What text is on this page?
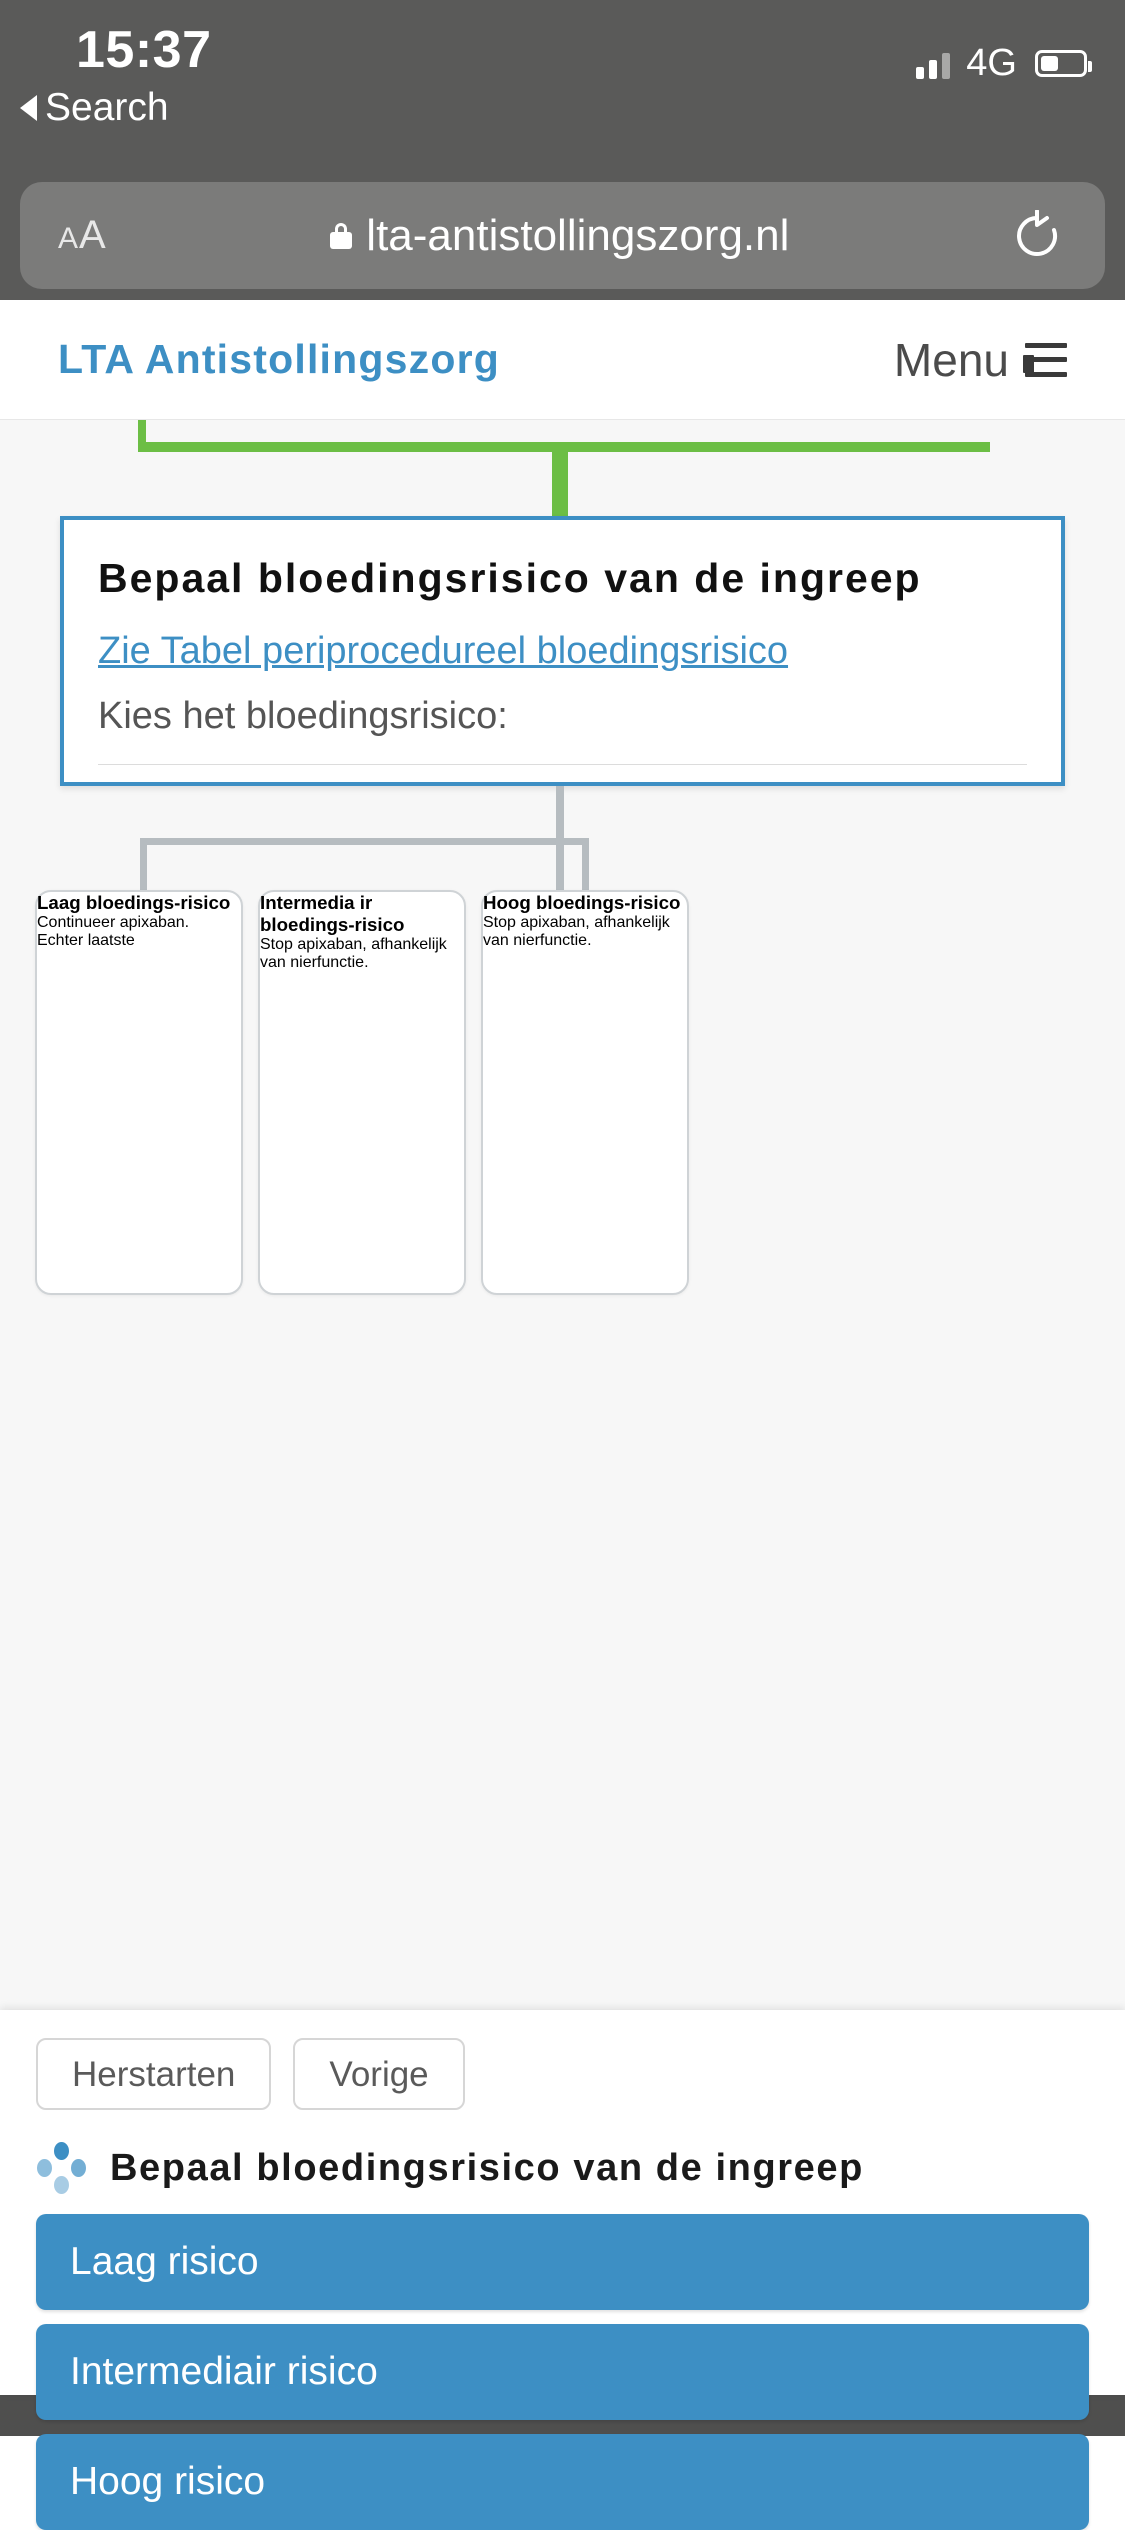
15:37	4G
Search
AA	lta-antistollingszorg.nl
LTA Antistollingszorg	Menu
Bepaal bloedingsrisico van de ingreep
Zie Tabel periprocedureel bloedingsrisico
Kies het bloedingsrisico:
Laag bloedings-risico

Continueer apixaban.

Echter laatste

Intermedia ir bloedings-risico

Stop apixaban, afhankelijk van nierfunctie.

Hoog bloedings-risico

Stop apixaban, afhankelijk van nierfunctie.

Herstarten	Vorige
Bepaal bloedingsrisico van de ingreep
Laag risico
Intermediair risico
Hoog risico
